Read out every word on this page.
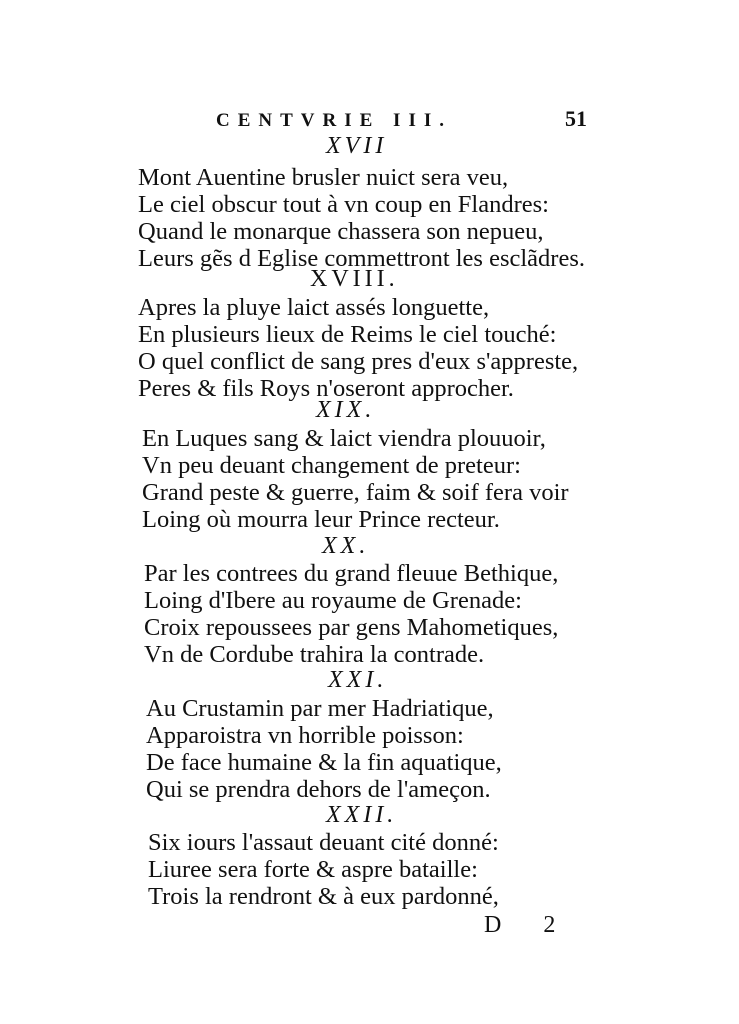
CENTVRIE III.	51
XVII
Mont Auentine brusler nuict sera veu,
Le ciel obscur tout à vn coup en Flandres:
Quand le monarque chassera son nepueu,
Leurs gẽs d Eglise commettront les esclãdres.
XVIII.
Apres la pluye laict assés longuette,
En plusieurs lieux de Reims le ciel touché:
O quel conflict de sang pres d'eux s'appreste,
Peres & fils Roys n'oseront approcher.
XIX.
En Luques sang & laict viendra plouuoir,
Vn peu deuant changement de preteur:
Grand peste & guerre, faim & soif fera voir
Loing où mourra leur Prince recteur.
XX.
Par les contrees du grand fleuue Bethique,
Loing d'Ibere au royaume de Grenade:
Croix repoussees par gens Mahometiques,
Vn de Cordube trahira la contrade.
XXI.
Au Crustamin par mer Hadriatique,
Apparoistra vn horrible poisson:
De face humaine & la fin aquatique,
Qui se prendra dehors de l'ameçon.
XXII.
Six iours l'assaut deuant cité donné:
Liuree sera forte & aspre bataille:
Trois la rendront & à eux pardonné,
D 2
